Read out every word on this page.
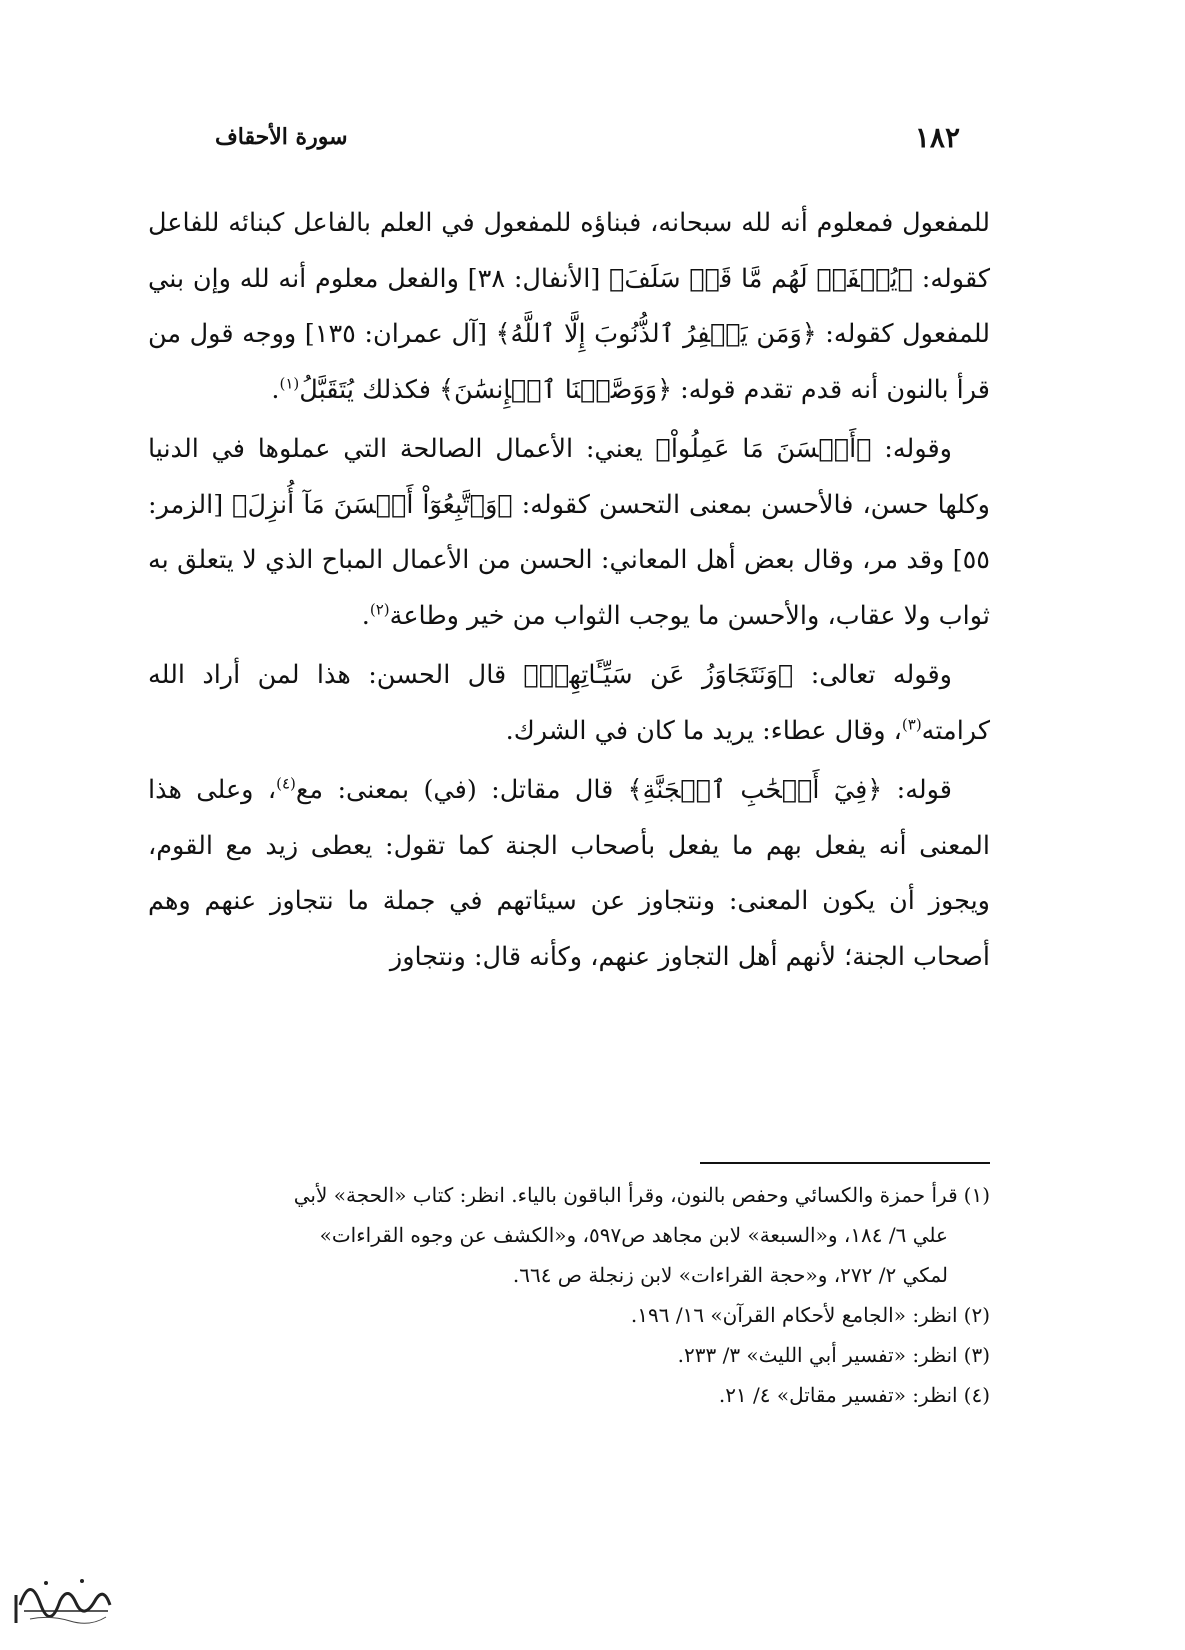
١٨٢
سورة الأحقاف

للمفعول فمعلوم أنه لله سبحانه، فبناؤه للمفعول في العلم بالفاعل كبنائه للفاعل كقوله: ﴿يُغۡفَرۡ لَهُم مَّا قَدۡ سَلَفَ﴾ [الأنفال: ٣٨] والفعل معلوم أنه لله وإن بني للمفعول كقوله: ﴿وَمَن يَغۡفِرُ ٱلذُّنُوبَ إِلَّا ٱللَّهُ﴾ [آل عمران: ١٣٥] ووجه قول من قرأ بالنون أنه قدم تقدم قوله: ﴿وَوَصَّيۡنَا ٱلۡإِنسَٰنَ﴾ فكذلك يُتَقَبَّلُ$^{(١)}$.

وقوله: ﴿أَحۡسَنَ مَا عَمِلُواْ﴾ يعني: الأعمال الصالحة التي عملوها في الدنيا وكلها حسن، فالأحسن بمعنى التحسن كقوله: ﴿وَٱتَّبِعُوٓاْ أَحۡسَنَ مَآ أُنزِلَ﴾ [الزمر: ٥٥] وقد مر، وقال بعض أهل المعاني: الحسن من الأعمال المباح الذي لا يتعلق به ثواب ولا عقاب، والأحسن ما يوجب الثواب من خير وطاعة$^{(٢)}$.

وقوله تعالى: ﴿وَنَتَجَاوَزُ عَن سَيِّـَٔاتِهِمۡ﴾ قال الحسن: هذا لمن أراد الله كرامته$^{(٣)}$، وقال عطاء: يريد ما كان في الشرك.

قوله: ﴿فِيٓ أَصۡحَٰبِ ٱلۡجَنَّةِ﴾ قال مقاتل: (في) بمعنى: مع$^{(٤)}$، وعلى هذا المعنى أنه يفعل بهم ما يفعل بأصحاب الجنة كما تقول: يعطى زيد مع القوم، ويجوز أن يكون المعنى: ونتجاوز عن سيئاتهم في جملة ما نتجاوز عنهم وهم أصحاب الجنة؛ لأنهم أهل التجاوز عنهم، وكأنه قال: ونتجاوز

(١)قرأ حمزة والكسائي وحفص بالنون، وقرأ الباقون بالياء. انظر: كتاب «الحجة» لأبي

علي ٦/ ١٨٤، و«السبعة» لابن مجاهد ص٥٩٧، و«الكشف عن وجوه القراءات»

لمكي ٢/ ٢٧٢، و«حجة القراءات» لابن زنجلة ص ٦٦٤.

(٢)انظر: «الجامع لأحكام القرآن» ١٦/ ١٩٦.

(٣)انظر: «تفسير أبي الليث» ٣/ ٢٣٣.

(٤)انظر: «تفسير مقاتل» ٤/ ٢١.
